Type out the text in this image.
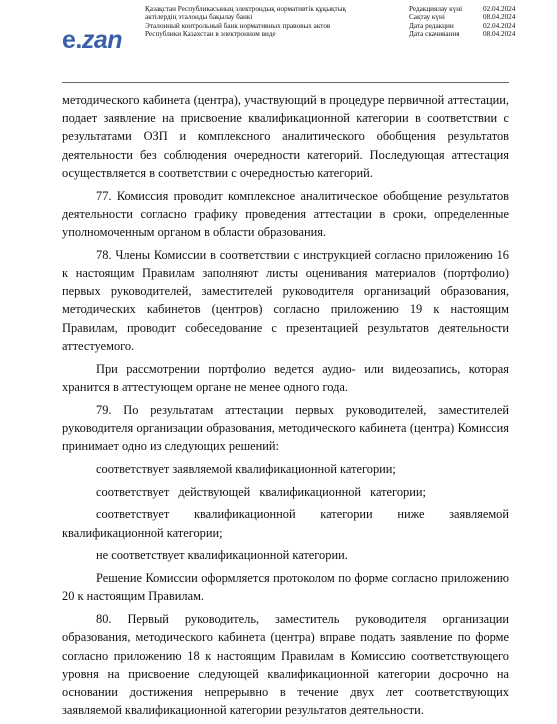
e.zan
Қазақстан Республикасының электрондық нормативтік құқықтық
актілердің эталонды бақылау банкі
Эталонный контрольный банк нормативных правовых актов
Республики Казахстан в электронном виде
Редакциялау күні	02.04.2024
Сақтау күні	08.04.2024
Дата редакции	02.04.2024
Дата скачивания	08.04.2024

методического кабинета (центра), участвующий в процедуре первичной аттестации, подает заявление на присвоение квалификационной категории в соответствии с результатами ОЗП и комплексного аналитического обобщения результатов деятельности без соблюдения очередности категорий. Последующая аттестация осуществляется в соответствии с очередностью категорий.

77. Комиссия проводит комплексное аналитическое обобщение результатов деятельности согласно графику проведения аттестации в сроки, определенные уполномоченным органом в области образования.

78. Члены Комиссии в соответствии с инструкцией согласно приложению 16 к настоящим Правилам заполняют листы оценивания материалов (портфолио) первых руководителей, заместителей руководителя организаций образования, методических кабинетов (центров) согласно приложению 19 к настоящим Правилам, проводит собеседование с презентацией результатов деятельности аттестуемого.

При рассмотрении портфолио ведется аудио- или видеозапись, которая хранится в аттестующем органе не менее одного года.

79. По результатам аттестации первых руководителей, заместителей руководителя организации образования, методического кабинета (центра) Комиссия принимает одно из следующих решений:

соответствует заявляемой квалификационной категории;

соответствует действующей квалификационной категории;

соответствует квалификационной категории ниже заявляемой квалификационной категории;

не соответствует квалификационной категории.

Решение Комиссии оформляется протоколом по форме согласно приложению 20 к настоящим Правилам.

80. Первый руководитель, заместитель руководителя организации образования, методического кабинета (центра) вправе подать заявление по форме согласно приложению 18 к настоящим Правилам в Комиссию соответствующего уровня на присвоение следующей квалификационной категории досрочно на основании достижения непрерывно в течение двух лет соответствующих заявляемой квалификационной категории результатов деятельности.
